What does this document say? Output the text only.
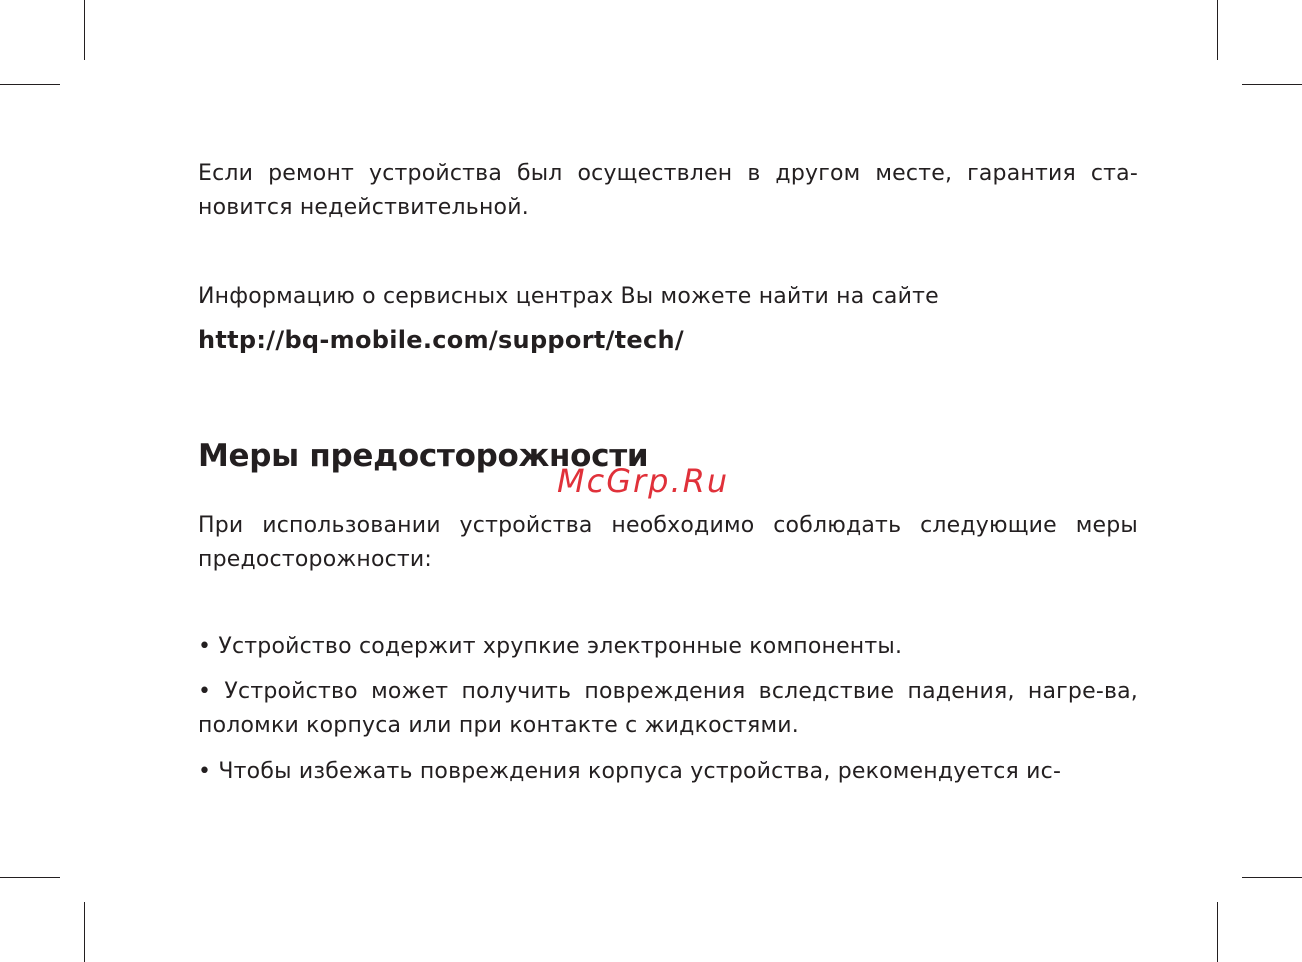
Если ремонт устройства был осуществлен в другом месте, гарантия ста-новится недействительной.
Информацию о сервисных центрах Вы можете найти на сайте
http://bq-mobile.com/support/tech/
Меры предосторожности
При использовании устройства необходимо соблюдать следующие меры предосторожности:
• Устройство содержит хрупкие электронные компоненты.
• Устройство может получить повреждения вследствие падения, нагре-ва, поломки корпуса или при контакте с жидкостями.
• Чтобы избежать повреждения корпуса устройства, рекомендуется ис-
McGrp.Ru
